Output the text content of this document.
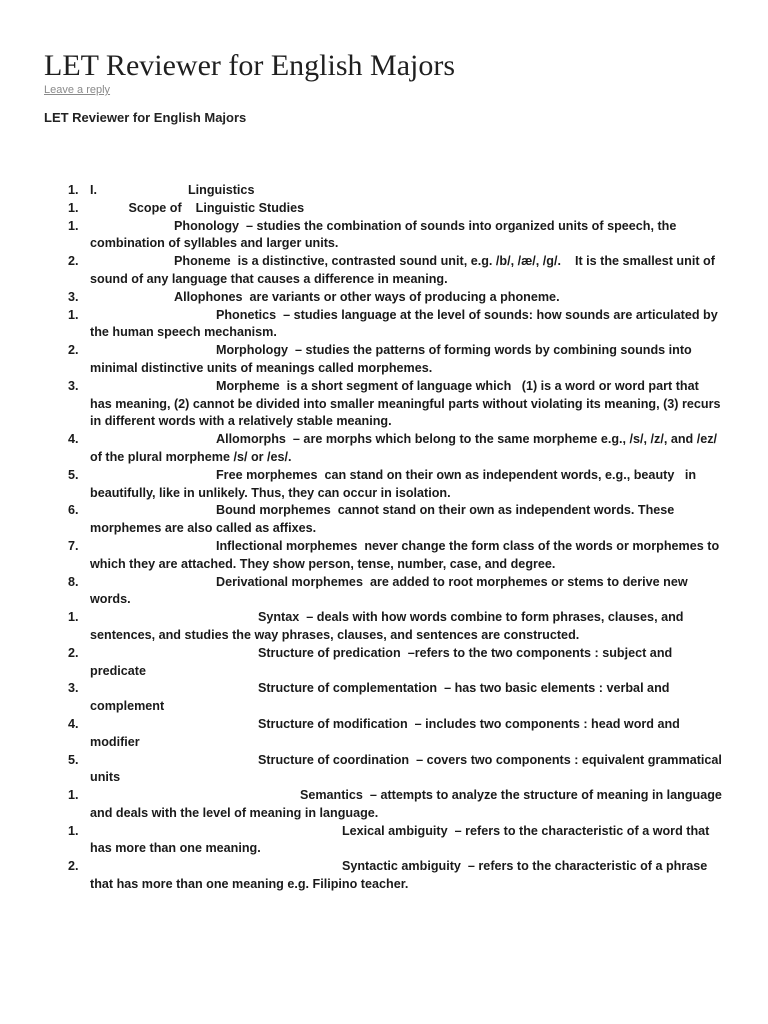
LET Reviewer for English Majors
Leave a reply
LET Reviewer for English Majors
1. I.                          Linguistics
1. Scope of    Linguistic Studies
1. Phonology  – studies the combination of sounds into organized units of speech, the combination of syllables and larger units.
2. Phoneme  is a distinctive, contrasted sound unit, e.g. /b/, /æ/, /g/.    It is the smallest unit of sound of any language that causes a difference in meaning.
3. Allophones  are variants or other ways of producing a phoneme.
1. Phonetics  – studies language at the level of sounds: how sounds are articulated by the human speech mechanism.
2. Morphology  – studies the patterns of forming words by combining sounds into minimal distinctive units of meanings called morphemes.
3. Morpheme  is a short segment of language which   (1) is a word or word part that has meaning, (2) cannot be divided into smaller meaningful parts without violating its meaning, (3) recurs in different words with a relatively stable meaning.
4. Allomorphs  – are morphs which belong to the same morpheme e.g., /s/, /z/, and /ez/ of the plural morpheme /s/ or /es/.
5. Free morphemes  can stand on their own as independent words, e.g., beauty   in beautifully, like in unlikely. Thus, they can occur in isolation.
6. Bound morphemes  cannot stand on their own as independent words. These morphemes are also called as affixes.
7. Inflectional morphemes  never change the form class of the words or morphemes to which they are attached. They show person, tense, number, case, and degree.
8. Derivational morphemes  are added to root morphemes or stems to derive new words.
1. Syntax  – deals with how words combine to form phrases, clauses, and sentences, and studies the way phrases, clauses, and sentences are constructed.
2. Structure of predication  –refers to the two components : subject and predicate
3. Structure of complementation  – has two basic elements : verbal and complement
4. Structure of modification  – includes two components : head word and modifier
5. Structure of coordination  – covers two components : equivalent grammatical units
1. Semantics  – attempts to analyze the structure of meaning in language and deals with the level of meaning in language.
1. Lexical ambiguity  – refers to the characteristic of a word that has more than one meaning.
2. Syntactic ambiguity  – refers to the characteristic of a phrase that has more than one meaning e.g. Filipino teacher.
